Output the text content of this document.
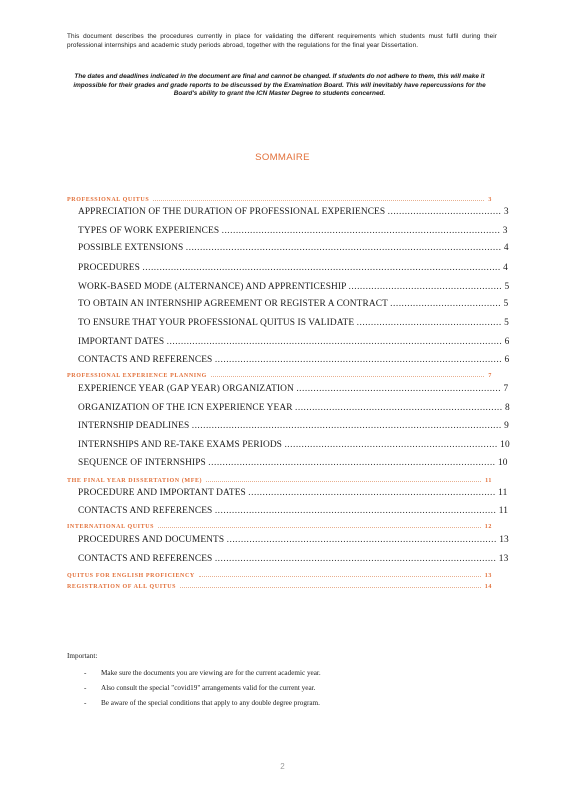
This document describes the procedures currently in place for validating the different requirements which students must fulfil during their professional internships and academic study periods abroad, together with the regulations for the final year Dissertation.
The dates and deadlines indicated in the document are final and cannot be changed. If students do not adhere to them, this will make it impossible for their grades and grade reports to be discussed by the Examination Board. This will inevitably have repercussions for the Board's ability to grant the ICN Master Degree to students concerned.
SOMMAIRE
PROFESSIONAL QUITUS	3
APPRECIATION OF THE DURATION OF PROFESSIONAL EXPERIENCES ........................................ 3
TYPES OF WORK EXPERIENCES .................................................................................................. 3
POSSIBLE EXTENSIONS ............................................................................................................... 4
PROCEDURES .............................................................................................................................. 4
WORK-BASED MODE (ALTERNANCE) AND APPRENTICESHIP ...................................................... 5
TO OBTAIN AN INTERNSHIP AGREEMENT OR REGISTER A CONTRACT ....................................... 5
TO ENSURE THAT YOUR PROFESSIONAL QUITUS IS VALIDATE ................................................... 5
IMPORTANT DATES ...................................................................................................................... 6
CONTACTS AND REFERENCES ..................................................................................................... 6
PROFESSIONAL EXPERIENCE PLANNING	7
EXPERIENCE YEAR (GAP YEAR) ORGANIZATION ........................................................................ 7
ORGANIZATION OF THE ICN EXPERIENCE YEAR ......................................................................... 8
INTERNSHIP DEADLINES ............................................................................................................. 9
INTERNSHIPS AND RE-TAKE EXAMS PERIODS ........................................................................... 10
SEQUENCE OF INTERNSHIPS ..................................................................................................... 10
THE FINAL YEAR DISSERTATION (MFE)	11
PROCEDURE AND IMPORTANT DATES ....................................................................................... 11
CONTACTS AND REFERENCES ................................................................................................... 11
INTERNATIONAL QUITUS	12
PROCEDURES AND DOCUMENTS ............................................................................................... 13
CONTACTS AND REFERENCES ................................................................................................... 13
QUITUS FOR ENGLISH PROFICIENCY	13
REGISTRATION OF ALL QUITUS	14
Important:
- Make sure the documents you are viewing are for the current academic year.
- Also consult the special "covid19" arrangements valid for the current year.
- Be aware of the special conditions that apply to any double degree program.
2
